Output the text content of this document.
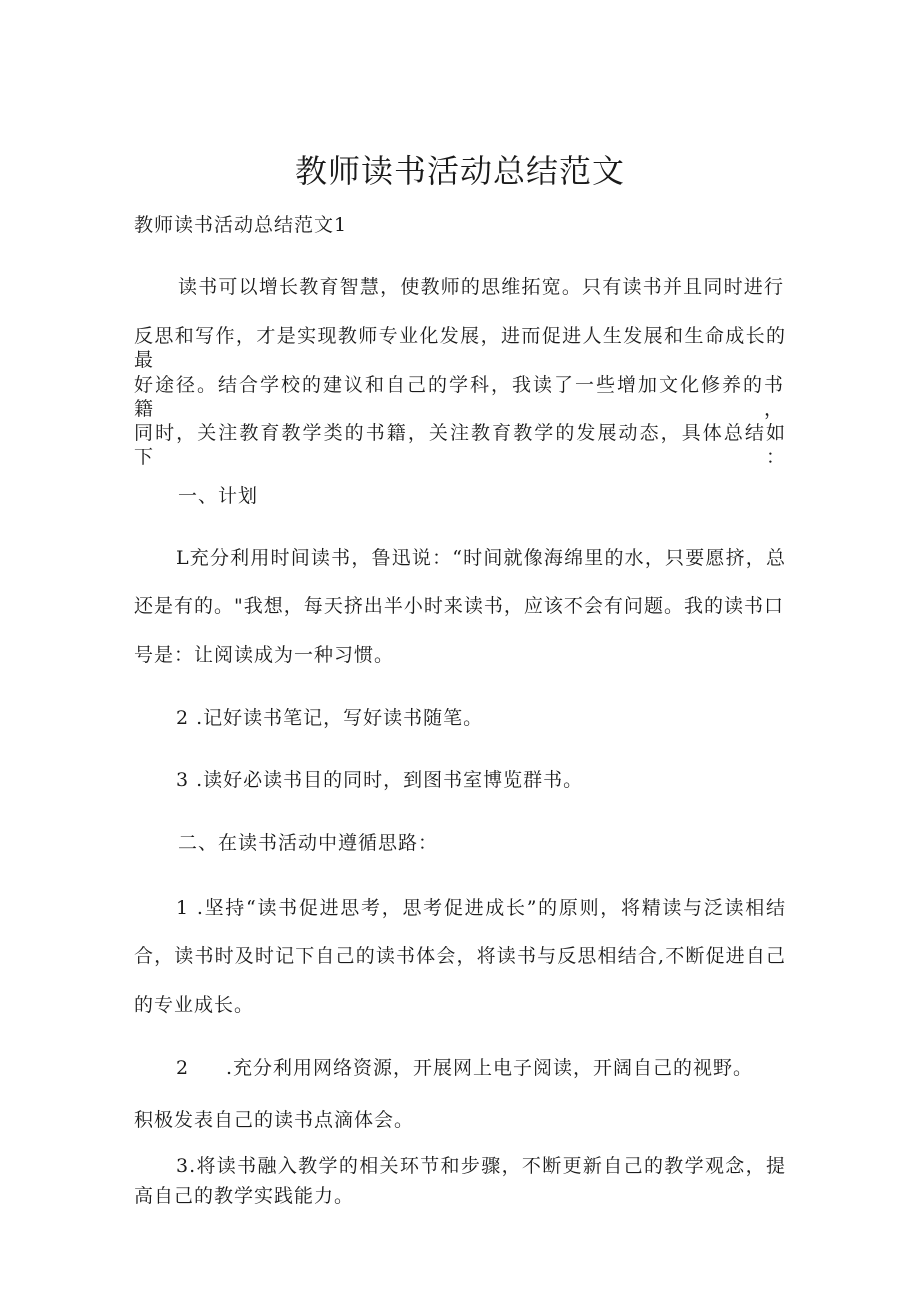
教师读书活动总结范文
教师读书活动总结范文1
读书可以增长教育智慧，使教师的思维拓宽。只有读书并且同时进行
反思和写作，才是实现教师专业化发展，进而促进人生发展和生命成长的最
好途径。结合学校的建议和自己的学科，我读了一些增加文化修养的书籍，
同时，关注教育教学类的书籍，关注教育教学的发展动态，具体总结如下：
一、计划
L充分利用时间读书，鲁迅说：“时间就像海绵里的水，只要愿挤，总
还是有的。"我想，每天挤出半小时来读书，应该不会有问题。我的读书口
号是：让阅读成为一种习惯。
2 .记好读书笔记，写好读书随笔。
3 .读好必读书目的同时，到图书室博览群书。
二、在读书活动中遵循思路：
1 .坚持“读书促进思考，思考促进成长”的原则，将精读与泛读相结
合，读书时及时记下自己的读书体会，将读书与反思相结合,不断促进自己
的专业成长。
2 .充分利用网络资源，开展网上电子阅读，开阔自己的视野。
积极发表自己的读书点滴体会。
3.将读书融入教学的相关环节和步骤，不断更新自己的教学观念，提
高自己的教学实践能力。
